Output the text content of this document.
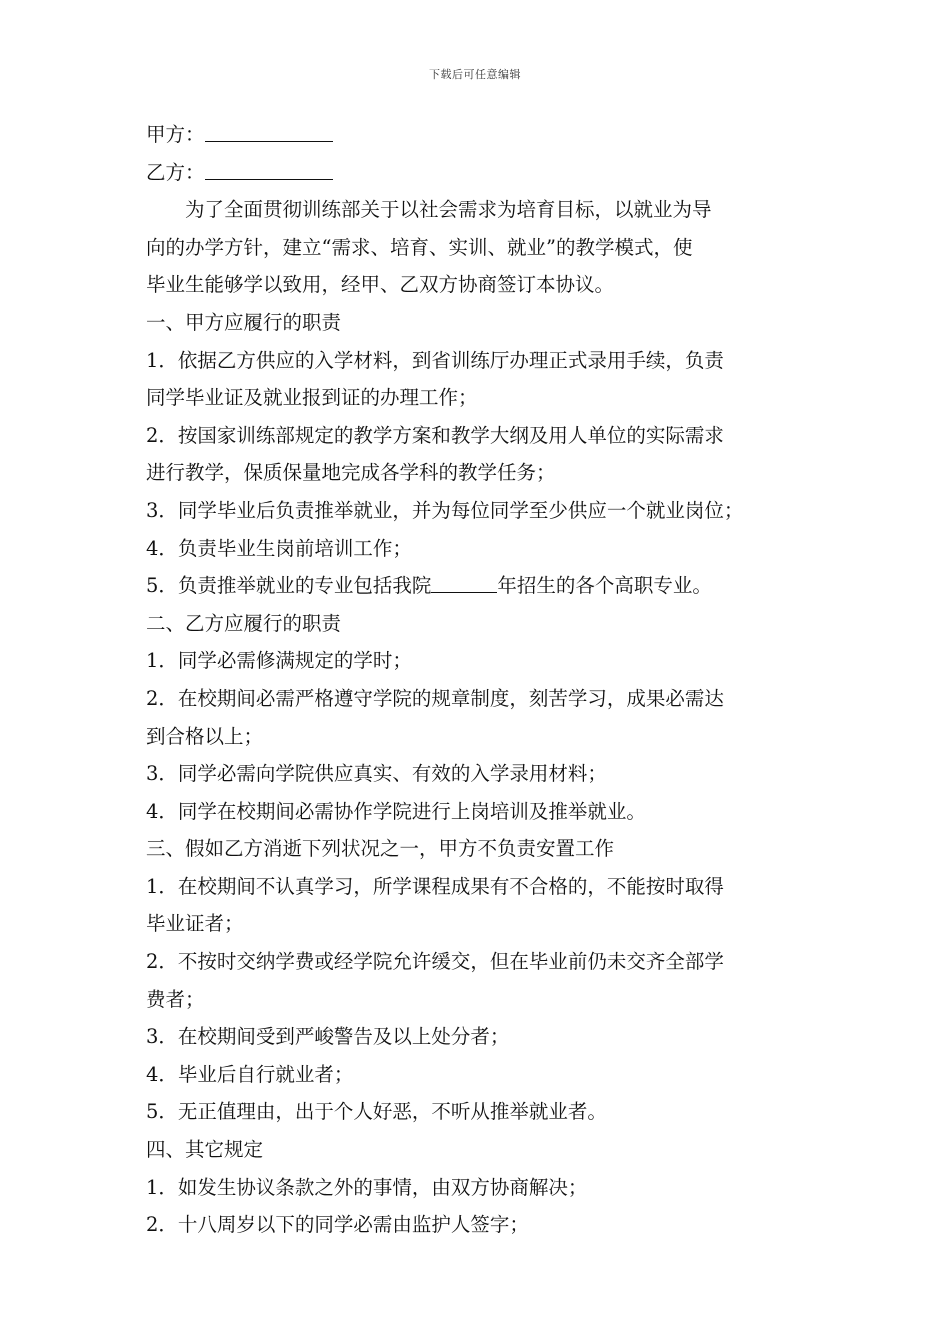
下载后可任意编辑
甲方：
乙方：
为了全面贯彻训练部关于以社会需求为培育目标，以就业为导
向的办学方针，建立“需求、培育、实训、就业”的教学模式，使
毕业生能够学以致用，经甲、乙双方协商签订本协议。
一、甲方应履行的职责
1．依据乙方供应的入学材料，到省训练厅办理正式录用手续，负责
同学毕业证及就业报到证的办理工作；
2．按国家训练部规定的教学方案和教学大纲及用人单位的实际需求
进行教学，保质保量地完成各学科的教学任务；
3．同学毕业后负责推举就业，并为每位同学至少供应一个就业岗位；
4．负责毕业生岗前培训工作；
5．负责推举就业的专业包括我院	年招生的各个高职专业。
二、乙方应履行的职责
1．同学必需修满规定的学时；
2．在校期间必需严格遵守学院的规章制度，刻苦学习，成果必需达
到合格以上；
3．同学必需向学院供应真实、有效的入学录用材料；
4．同学在校期间必需协作学院进行上岗培训及推举就业。
三、假如乙方消逝下列状况之一，甲方不负责安置工作
1．在校期间不认真学习，所学课程成果有不合格的，不能按时取得
毕业证者；
2．不按时交纳学费或经学院允许缓交，但在毕业前仍未交齐全部学
费者；
3．在校期间受到严峻警告及以上处分者；
4．毕业后自行就业者；
5．无正值理由，出于个人好恶，不听从推举就业者。
四、其它规定
1．如发生协议条款之外的事情，由双方协商解决；
2．十八周岁以下的同学必需由监护人签字；
